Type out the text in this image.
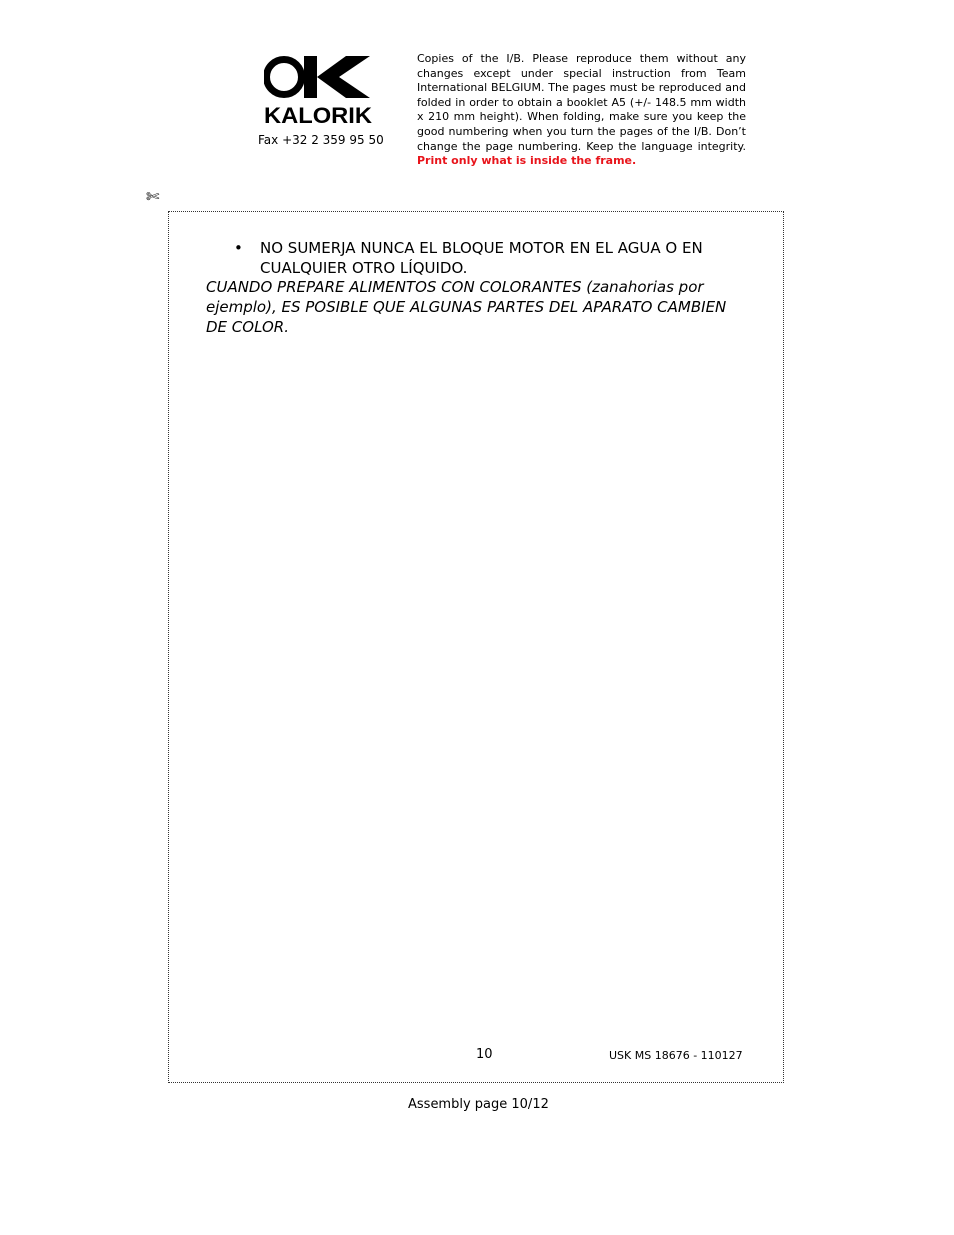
KALORIK
Fax +32 2 359 95 50
Copies of the I/B. Please reproduce them without any changes except under special instruction from Team International BELGIUM. The pages must be reproduced and folded in order to obtain a booklet A5 (+/- 148.5 mm width x 210 mm height). When folding, make sure you keep the good numbering when you turn the pages of the I/B. Don’t change the page numbering. Keep the language integrity. Print only what is inside the frame.
✄
• NO SUMERJA NUNCA EL BLOQUE MOTOR EN EL AGUA O EN CUALQUIER OTRO LÍQUIDO.
CUANDO PREPARE ALIMENTOS CON COLORANTES (zanahorias por ejemplo), ES POSIBLE QUE ALGUNAS PARTES DEL APARATO CAMBIEN DE COLOR.
10	USK MS 18676 - 110127
Assembly page 10/12
